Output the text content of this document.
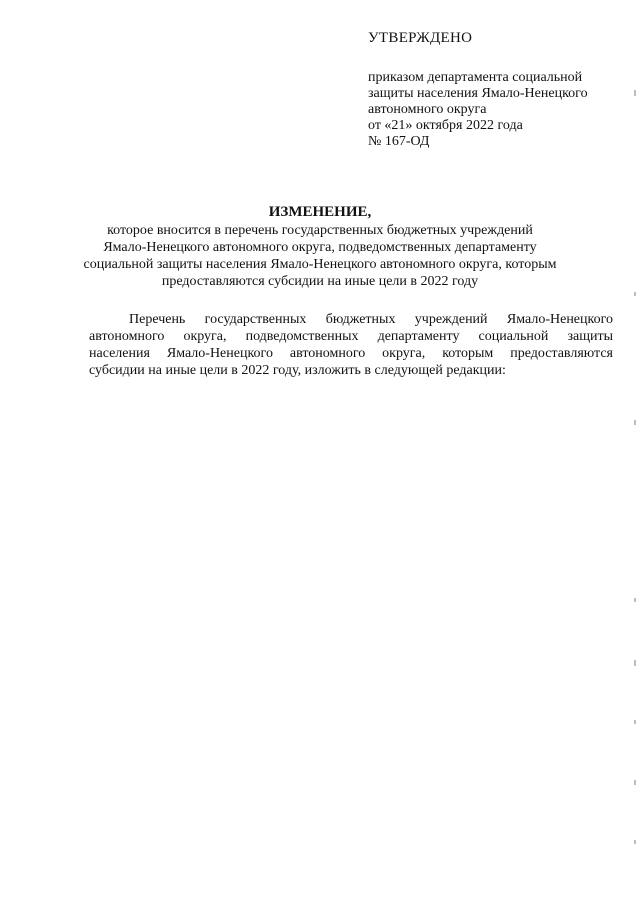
УТВЕРЖДЕНО
приказом департамента социальной
защиты населения Ямало-Ненецкого
автономного округа
от «21» октября 2022 года
№ 167-ОД
ИЗМЕНЕНИЕ,
которое вносится в перечень государственных бюджетных учреждений
Ямало-Ненецкого автономного округа, подведомственных департаменту
социальной защиты населения Ямало-Ненецкого автономного округа, которым
предоставляются субсидии на иные цели в 2022 году
Перечень государственных бюджетных учреждений Ямало-Ненецкого
автономного округа, подведомственных департаменту социальной защиты
населения Ямало-Ненецкого автономного округа, которым предоставляются
субсидии на иные цели в 2022 году, изложить в следующей редакции:
